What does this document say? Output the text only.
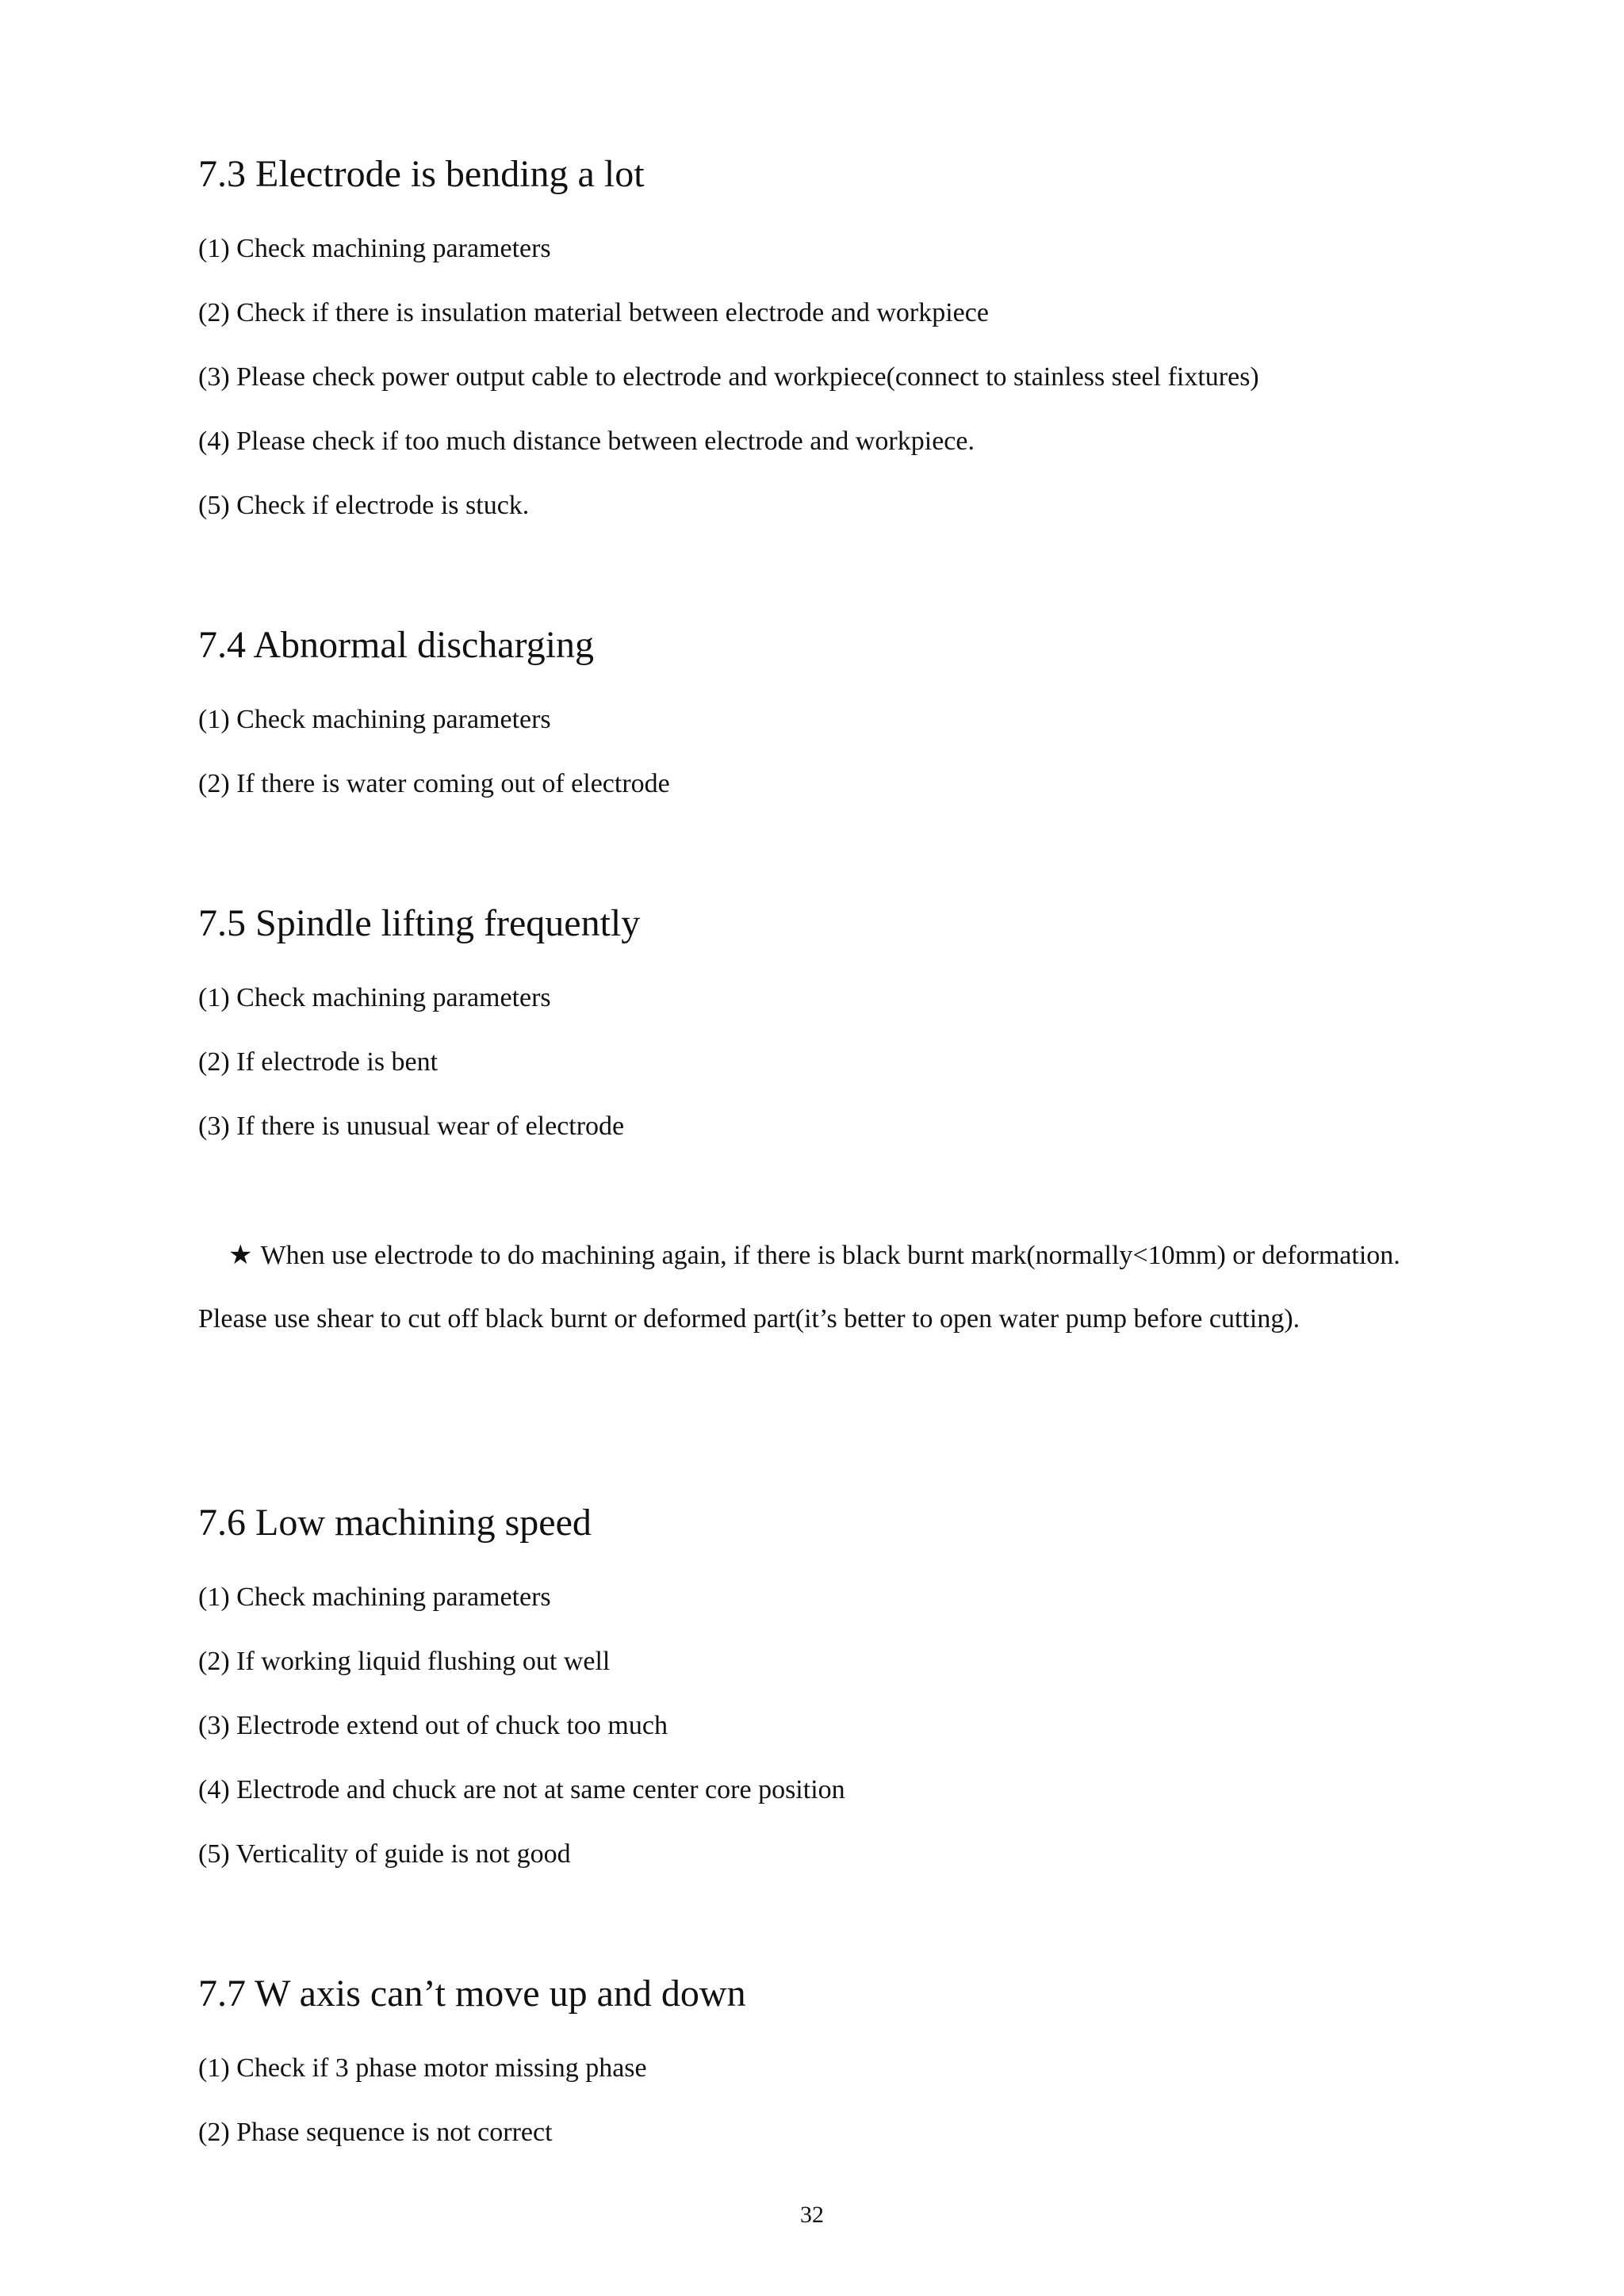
7.3 Electrode is bending a lot

(1) Check machining parameters

(2) Check if there is insulation material between electrode and workpiece

(3) Please check power output cable to electrode and workpiece(connect to stainless steel fixtures)

(4) Please check if too much distance between electrode and workpiece.

(5) Check if electrode is stuck.

7.4 Abnormal discharging

(1) Check machining parameters

(2) If there is water coming out of electrode

7.5 Spindle lifting frequently

(1) Check machining parameters

(2) If electrode is bent

(3) If there is unusual wear of electrode

★ When use electrode to do machining again, if there is black burnt mark(normally<10mm) or deformation.

Please use shear to cut off black burnt or deformed part(it’s better to open water pump before cutting).

7.6 Low machining speed

(1) Check machining parameters

(2) If working liquid flushing out well

(3) Electrode extend out of chuck too much

(4) Electrode and chuck are not at same center core position

(5) Verticality of guide is not good

7.7 W axis can’t move up and down

(1) Check if 3 phase motor missing phase

(2) Phase sequence is not correct

32
